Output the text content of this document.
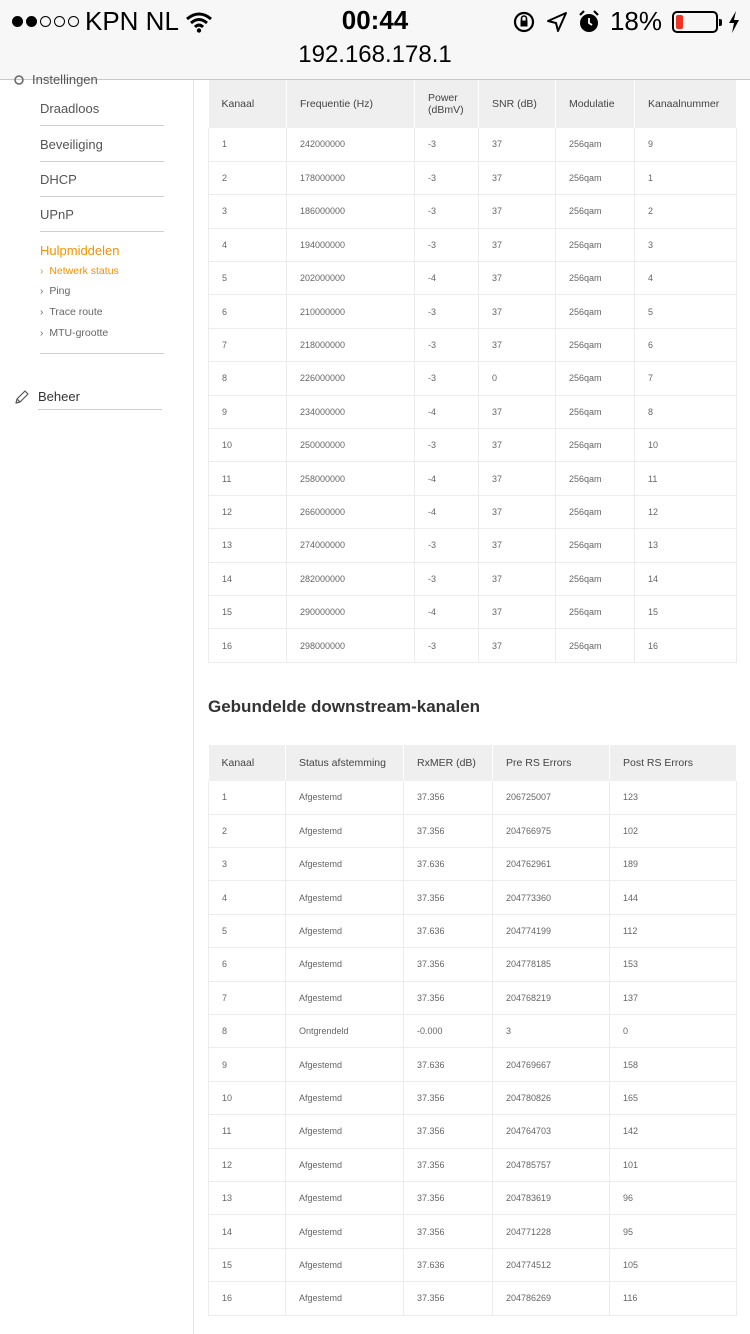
KPN NL	00:44	18%
192.168.178.1
Instellingen
Draadloos
Beveiliging
DHCP
UPnP
Hulpmiddelen
› Netwerk status
› Ping
› Trace route
› MTU-grootte
Beheer
Kanaal	Frequentie (Hz)	Power (dBmV)	SNR (dB)	Modulatie	Kanaalnummer
1	242000000	-3	37	256qam	9
2	178000000	-3	37	256qam	1
3	186000000	-3	37	256qam	2
4	194000000	-3	37	256qam	3
5	202000000	-4	37	256qam	4
6	210000000	-3	37	256qam	5
7	218000000	-3	37	256qam	6
8	226000000	-3	0	256qam	7
9	234000000	-4	37	256qam	8
10	250000000	-3	37	256qam	10
11	258000000	-4	37	256qam	11
12	266000000	-4	37	256qam	12
13	274000000	-3	37	256qam	13
14	282000000	-3	37	256qam	14
15	290000000	-4	37	256qam	15
16	298000000	-3	37	256qam	16
Gebundelde downstream-kanalen
Kanaal	Status afstemming	RxMER (dB)	Pre RS Errors	Post RS Errors
1	Afgestemd	37.356	206725007	123
2	Afgestemd	37.356	204766975	102
3	Afgestemd	37.636	204762961	189
4	Afgestemd	37.356	204773360	144
5	Afgestemd	37.636	204774199	112
6	Afgestemd	37.356	204778185	153
7	Afgestemd	37.356	204768219	137
8	Ontgrendeld	-0.000	3	0
9	Afgestemd	37.636	204769667	158
10	Afgestemd	37.356	204780826	165
11	Afgestemd	37.356	204764703	142
12	Afgestemd	37.356	204785757	101
13	Afgestemd	37.356	204783619	96
14	Afgestemd	37.356	204771228	95
15	Afgestemd	37.636	204774512	105
16	Afgestemd	37.356	204786269	116
